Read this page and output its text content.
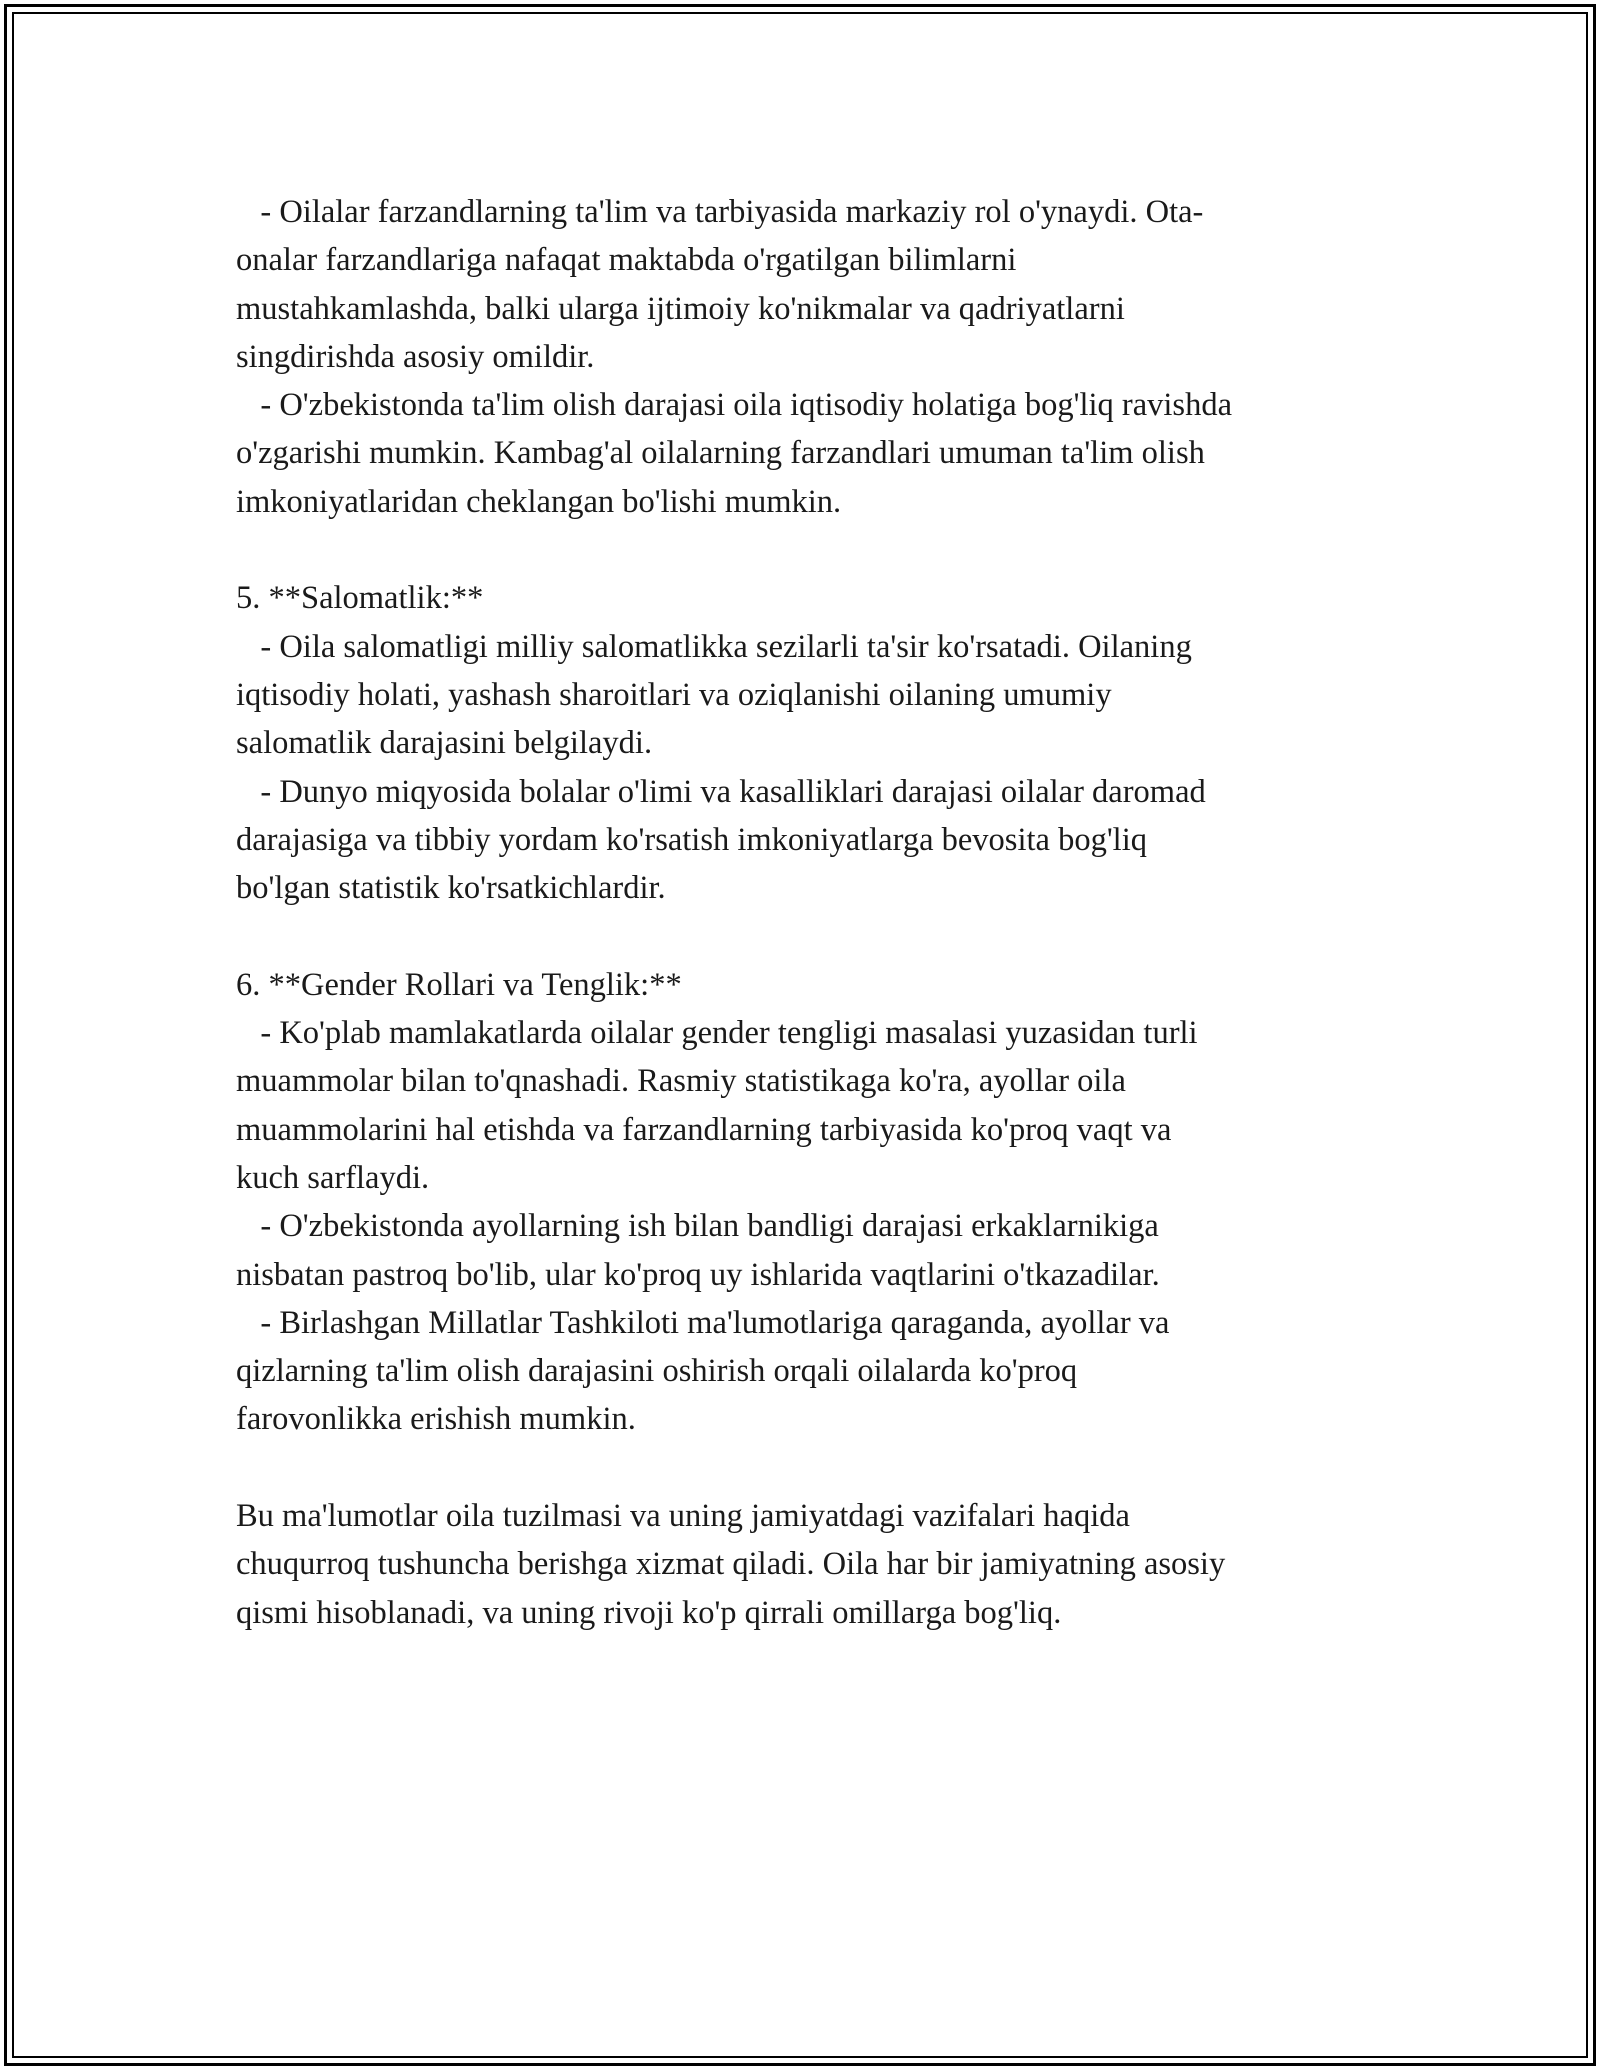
- Oilalar farzandlarning ta'lim va tarbiyasida markaziy rol o'ynaydi. Ota-
onalar farzandlariga nafaqat maktabda o'rgatilgan bilimlarni
mustahkamlashda, balki ularga ijtimoiy ko'nikmalar va qadriyatlarni
singdirishda asosiy omildir.
- O'zbekistonda ta'lim olish darajasi oila iqtisodiy holatiga bog'liq ravishda
o'zgarishi mumkin. Kambag'al oilalarning farzandlari umuman ta'lim olish
imkoniyatlaridan cheklangan bo'lishi mumkin.
5. **Salomatlik:**
- Oila salomatligi milliy salomatlikka sezilarli ta'sir ko'rsatadi. Oilaning
iqtisodiy holati, yashash sharoitlari va oziqlanishi oilaning umumiy
salomatlik darajasini belgilaydi.
- Dunyo miqyosida bolalar o'limi va kasalliklari darajasi oilalar daromad
darajasiga va tibbiy yordam ko'rsatish imkoniyatlarga bevosita bog'liq
bo'lgan statistik ko'rsatkichlardir.
6. **Gender Rollari va Tenglik:**
- Ko'plab mamlakatlarda oilalar gender tengligi masalasi yuzasidan turli
muammolar bilan to'qnashadi. Rasmiy statistikaga ko'ra, ayollar oila
muammolarini hal etishda va farzandlarning tarbiyasida ko'proq vaqt va
kuch sarflaydi.
- O'zbekistonda ayollarning ish bilan bandligi darajasi erkaklarnikiga
nisbatan pastroq bo'lib, ular ko'proq uy ishlarida vaqtlarini o'tkazadilar.
- Birlashgan Millatlar Tashkiloti ma'lumotlariga qaraganda, ayollar va
qizlarning ta'lim olish darajasini oshirish orqali oilalarda ko'proq
farovonlikka erishish mumkin.
Bu ma'lumotlar oila tuzilmasi va uning jamiyatdagi vazifalari haqida
chuqurroq tushuncha berishga xizmat qiladi. Oila har bir jamiyatning asosiy
qismi hisoblanadi, va uning rivoji ko'p qirrali omillarga bog'liq.
